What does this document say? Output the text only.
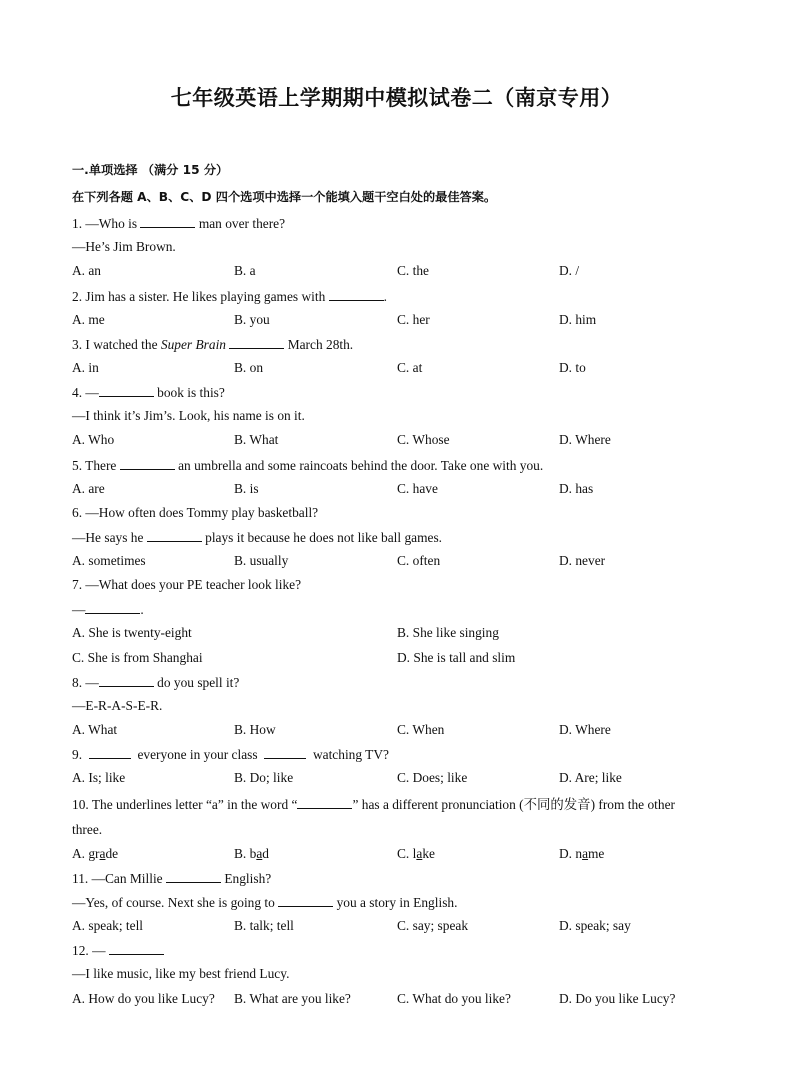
七年级英语上学期期中模拟试卷二（南京专用）
一.单项选择 （满分 15 分）
在下列各题 A、B、C、D 四个选项中选择一个能填入题干空白处的最佳答案。
1. —Who is	man over there?
—He’s Jim Brown.
A. an	B. a	C. the	D. /
2. Jim has a sister. He likes playing games with	.
A. me	B. you	C. her	D. him
3. I watched the Super Brain	March 28th.
A. in	B. on	C. at	D. to
4. —	book is this?
—I think it’s Jim’s. Look, his name is on it.
A. Who	B. What	C. Whose	D. Where
5. There	an umbrella and some raincoats behind the door. Take one with you.
A. are	B. is	C. have	D. has
6. —How often does Tommy play basketball?
—He says he	plays it because he does not like ball games.
A. sometimes	B. usually	C. often	D. never
7. —What does your PE teacher look like?
—	.
A. She is twenty-eight	B. She like singing
C. She is from Shanghai	D. She is tall and slim
8. —	do you spell it?
—E-R-A-S-E-R.
A. What	B. How	C. When	D. Where
9.	everyone in your class	watching TV?
A. Is; like	B. Do; like	C. Does; like	D. Are; like
10. The underlines letter “a” in the word “	” has a different pronunciation (不同的发音) from the other
three.
A. grade	B. bad	C. lake	D. name
11. —Can Millie	English?
—Yes, of course. Next she is going to	you a story in English.
A. speak; tell	B. talk; tell	C. say; speak	D. speak; say
12. —
—I like music, like my best friend Lucy.
A. How do you like Lucy? B. What are you like?	C. What do you like?	D. Do you like Lucy?
